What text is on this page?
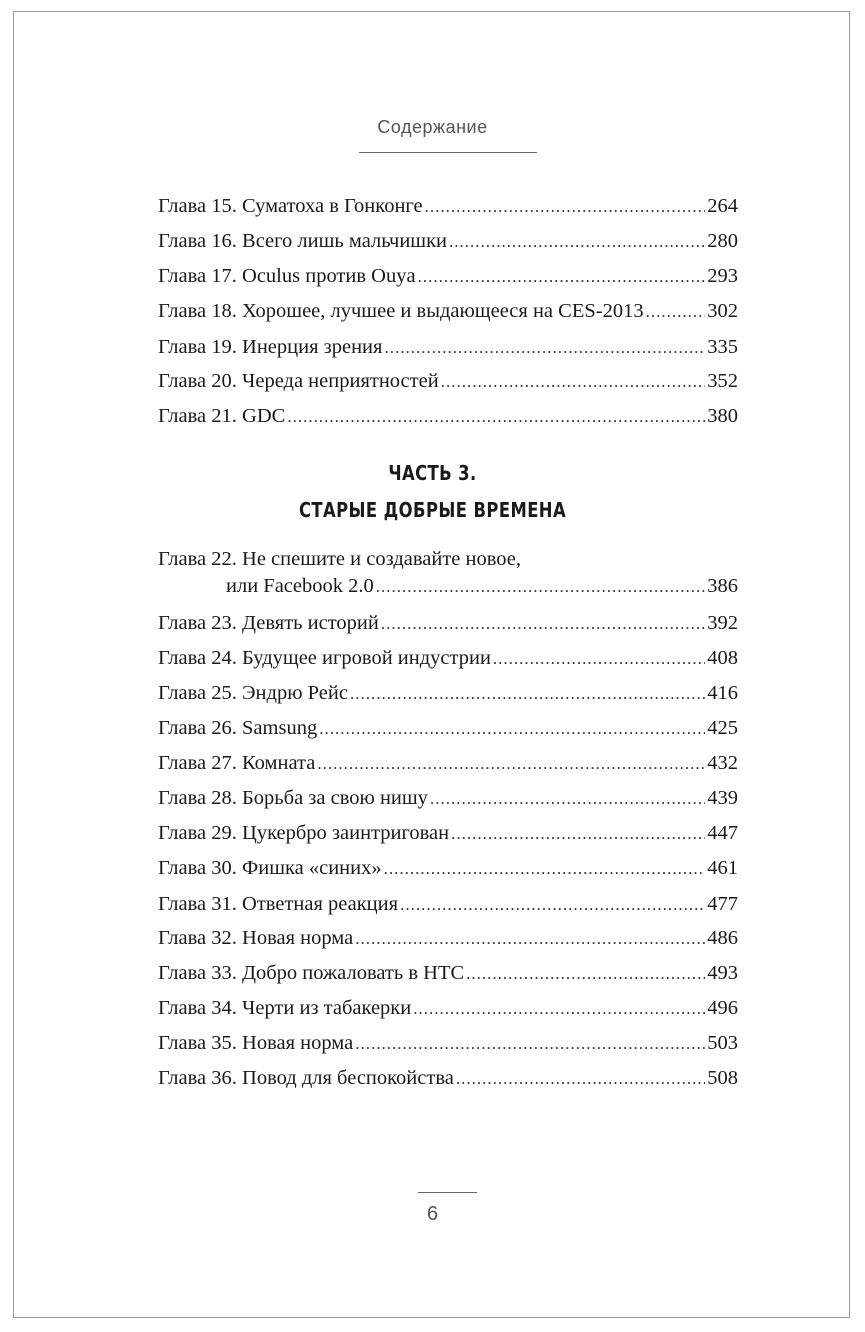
Содержание
Глава 15. Суматоха в Гонконге .....	264
Глава 16. Всего лишь мальчишки .....	280
Глава 17. Oculus против Ouya .....	293
Глава 18. Хорошее, лучшее и выдающееся на CES-2013 .....	302
Глава 19. Инерция зрения .....	335
Глава 20. Череда неприятностей .....	352
Глава 21. GDC .....	380
ЧАСТЬ 3.
СТАРЫЕ ДОБРЫЕ ВРЕМЕНА
Глава 22. Не спешите и создавайте новое,
или Facebook 2.0 .....	386
Глава 23. Девять историй .....	392
Глава 24. Будущее игровой индустрии .....	408
Глава 25. Эндрю Рейс .....	416
Глава 26. Samsung .....	425
Глава 27. Комната .....	432
Глава 28. Борьба за свою нишу .....	439
Глава 29. Цукербро заинтригован .....	447
Глава 30. Фишка «синих» .....	461
Глава 31. Ответная реакция .....	477
Глава 32. Новая норма .....	486
Глава 33. Добро пожаловать в HTC .....	493
Глава 34. Черти из табакерки .....	496
Глава 35. Новая норма .....	503
Глава 36. Повод для беспокойства .....	508
6
